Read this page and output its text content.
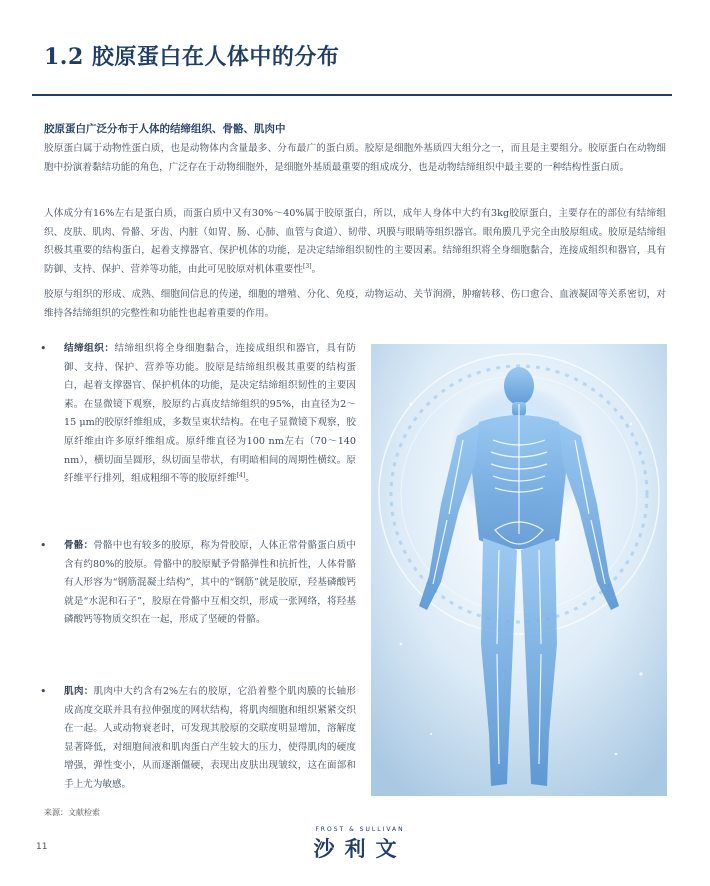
1.2 胶原蛋白在人体中的分布
胶原蛋白广泛分布于人体的结缔组织、骨骼、肌肉中

胶原蛋白属于动物性蛋白质，也是动物体内含量最多、分布最广的蛋白质。胶原是细胞外基质四大组分之一，而且是主要组分。胶原蛋白在动物细胞中扮演着黏结功能的角色，广泛存在于动物细胞外，是细胞外基质最重要的组成成分，也是动物结缔组织中最主要的一种结构性蛋白质。

人体成分有16%左右是蛋白质，而蛋白质中又有30%～40%属于胶原蛋白，所以，成年人身体中大约有3kg胶原蛋白，主要存在的部位有结缔组织、皮肤、肌肉、骨骼、牙齿、内脏（如胃、肠、心肺、血管与食道）、韧带、巩膜与眼睛等组织器官。眼角膜几乎完全由胶原组成。胶原是结缔组织极其重要的结构蛋白，起着支撑器官、保护机体的功能，是决定结缔组织韧性的主要因素。结缔组织将全身细胞黏合，连接成组织和器官，具有防御、支持、保护、营养等功能，由此可见胶原对机体重要性[3]。

胶原与组织的形成、成熟、细胞间信息的传递，细胞的增殖、分化、免疫，动物运动、关节润滑，肿瘤转移、伤口愈合、血液凝固等关系密切，对维持各结缔组织的完整性和功能性也起着重要的作用。

• 结缔组织：结缔组织将全身细胞黏合，连接成组织和器官，具有防御、支持、保护、营养等功能。胶原是结缔组织极其重要的结构蛋白，起着支撑器官、保护机体的功能，是决定结缔组织韧性的主要因素。在显微镜下观察，胶原约占真皮结缔组织的95%，由直径为2～15 μm的胶原纤维组成，多数呈束状结构。在电子显微镜下观察，胶原纤维由许多原纤维组成。原纤维直径为100 nm左右（70～140 nm），横切面呈圆形，纵切面呈带状，有明暗相间的周期性横纹。原纤维平行排列，组成粗细不等的胶原纤维[4]。
• 骨骼：骨骼中也有较多的胶原，称为骨胶原，人体正常骨骼蛋白质中含有约80%的胶原。骨骼中的胶原赋予骨骼弹性和抗折性，人体骨骼有人形容为“钢筋混凝土结构”，其中的“钢筋”就是胶原，羟基磷酸钙就是“水泥和石子”，胶原在骨骼中互相交织，形成一张网络，将羟基磷酸钙等物质交织在一起，形成了坚硬的骨骼。
• 肌肉：肌肉中大约含有2%左右的胶原，它沿着整个肌肉膜的长轴形成高度交联并具有拉伸强度的网状结构，将肌肉细胞和组织紧紧交织在一起。人或动物衰老时，可发现其胶原的交联度明显增加，溶解度显著降低，对细胞间液和肌肉蛋白产生较大的压力，使得肌肉的硬度增强，弹性变小，从而逐渐僵硬，表现出皮肤出现皱纹，这在面部和手上尤为敏感。
来源：文献检索
11
FROST & SULLIVAN
沙利文
